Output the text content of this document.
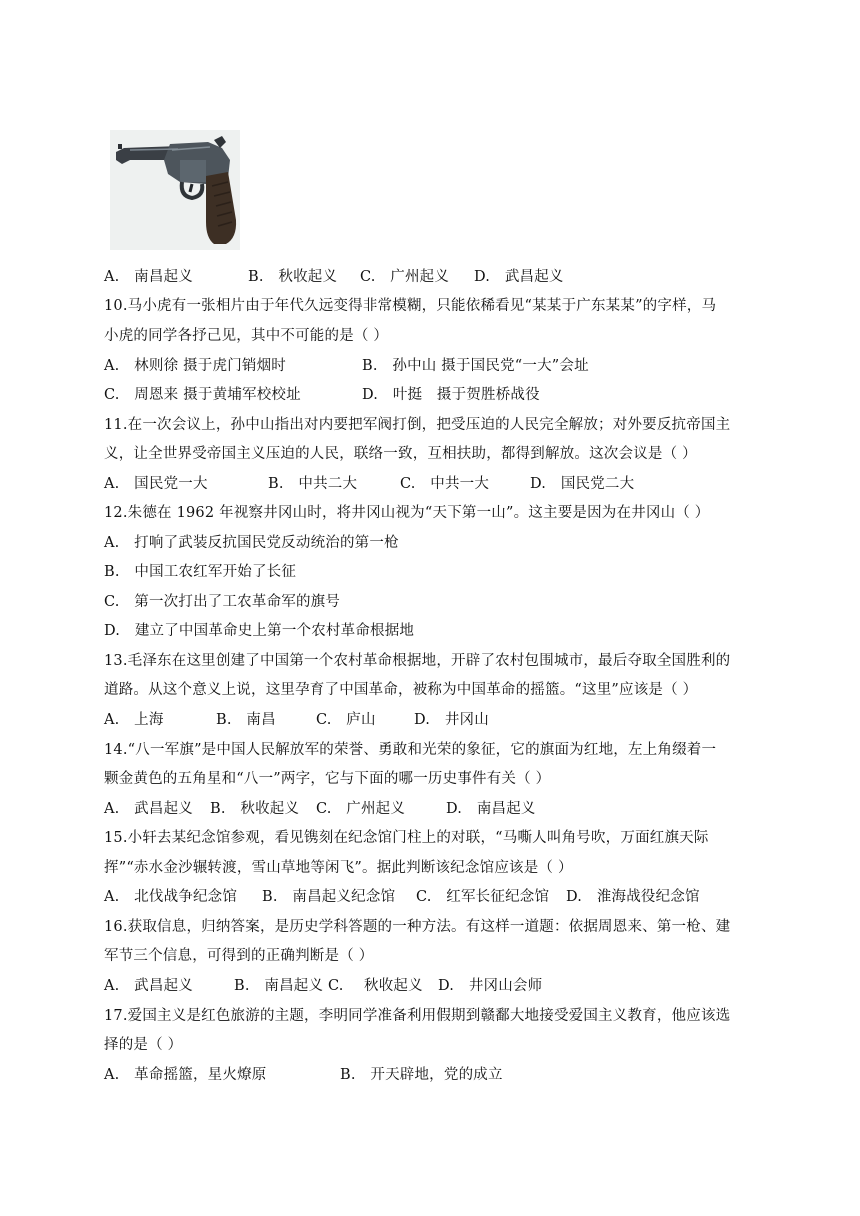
A.　南昌起义	B.　秋收起义 C.　广州起义 D.　武昌起义
10.马小虎有一张相片由于年代久远变得非常模糊，只能依稀看见“某某于广东某某”的字样，马
小虎的同学各抒己见，其中不可能的是（ ）
A.　林则徐 摄于虎门销烟时	B.　孙中山 摄于国民党“一大”会址
C.　周恩来 摄于黄埔军校校址	D.　叶挺　摄于贺胜桥战役
11.在一次会议上，孙中山指出对内要把军阀打倒，把受压迫的人民完全解放；对外要反抗帝国主
义，让全世界受帝国主义压迫的人民，联络一致，互相扶助，都得到解放。这次会议是（ ）
A.　国民党一大	B.　中共二大	C.　中共一大	D.　国民党二大
12.朱德在 1962 年视察井冈山时，将井冈山视为“天下第一山”。这主要是因为在井冈山（ ）
A.　打响了武装反抗国民党反动统治的第一枪
B.　中国工农红军开始了长征
C.　第一次打出了工农革命军的旗号
D.　建立了中国革命史上第一个农村革命根据地
13.毛泽东在这里创建了中国第一个农村革命根据地，开辟了农村包围城市，最后夺取全国胜利的
道路。从这个意义上说，这里孕育了中国革命，被称为中国革命的摇篮。“这里”应该是（ ）
A.　上海	B.　南昌	C.　庐山	D.　井冈山
14.“八一军旗”是中国人民解放军的荣誉、勇敢和光荣的象征，它的旗面为红地，左上角缀着一
颗金黄色的五角星和“八一”两字，它与下面的哪一历史事件有关（ ）
A.　武昌起义 B.　秋收起义 C.　广州起义	D.　南昌起义
15.小轩去某纪念馆参观，看见镌刻在纪念馆门柱上的对联，“马嘶人叫角号吹，万面红旗天际
挥”“赤水金沙辗转渡，雪山草地等闲飞”。据此判断该纪念馆应该是（ ）
A.　北伐战争纪念馆 B.　南昌起义纪念馆 C.　红军长征纪念馆 D.　淮海战役纪念馆
16.获取信息，归纳答案，是历史学科答题的一种方法。有这样一道题：依据周恩来、第一枪、建
军节三个信息，可得到的正确判断是（ ）
A.　武昌起义	B.　南昌起义 C. 秋收起义 D.　井冈山会师
17.爱国主义是红色旅游的主题，李明同学准备利用假期到赣鄱大地接受爱国主义教育，他应该选
择的是（ ）
A.　革命摇篮，星火燎原	B.　开天辟地，党的成立
